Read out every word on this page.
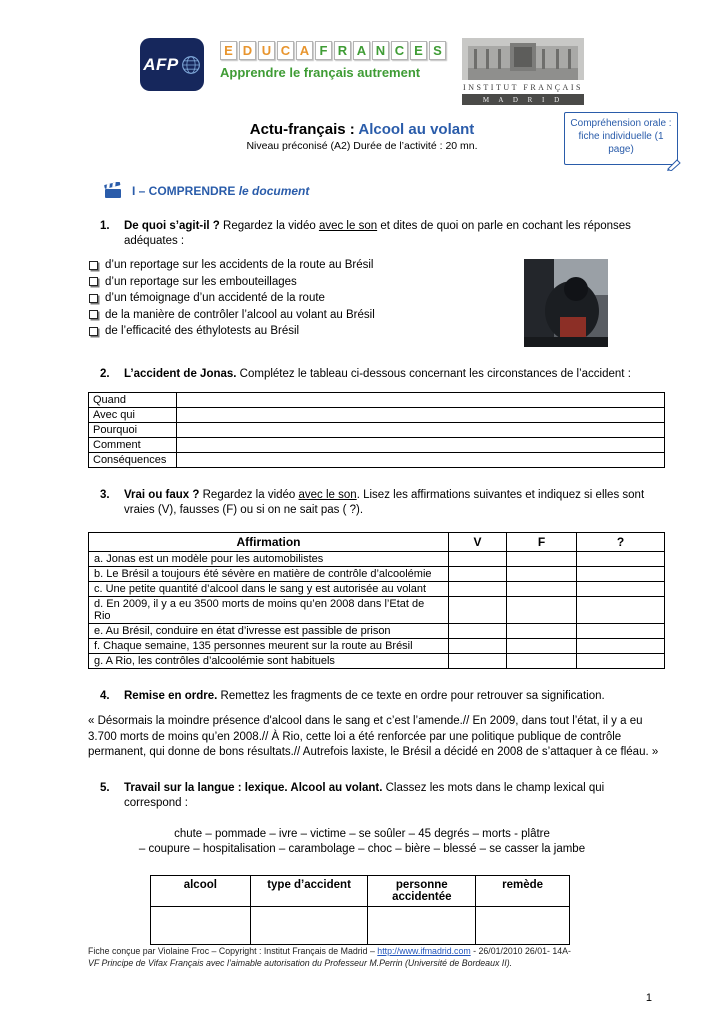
AFP
E D U C A F R A N C E S
Apprendre le français autrement
INSTITUT FRANÇAIS
M A D R I D
Actu-français : Alcool au volant
Niveau préconisé (A2) Durée de l’activité : 20 mn.
Compréhension orale : fiche individuelle (1 page)
I – COMPRENDRE le document
1.	De quoi s’agit-il ? Regardez la vidéo avec le son et dites de quoi on parle en cochant les réponses adéquates :
d’un reportage sur les accidents de la route au Brésil
d’un reportage sur les embouteillages
d’un témoignage d’un accidenté de la route
de la manière de contrôler l’alcool au volant au Brésil
de l’efficacité des éthylotests au Brésil
2.	L’accident de Jonas. Complétez le tableau ci-dessous concernant les circonstances de l’accident :
Quand	
Avec qui	
Pourquoi	
Comment	
Conséquences	
3.	Vrai ou faux ? Regardez la vidéo avec le son. Lisez les affirmations suivantes et indiquez si elles sont vraies (V), fausses (F) ou si on ne sait pas ( ?).
Affirmation	V	F	?
a. Jonas est un modèle pour les automobilistes			
b. Le Brésil a toujours été sévère en matière de contrôle d’alcoolémie			
c. Une petite quantité d’alcool dans le sang y est autorisée au volant			
d. En 2009, il y a eu 3500 morts de moins qu’en 2008 dans l’Etat de Rio			
e. Au Brésil, conduire en état d’ivresse est passible de prison			
f. Chaque semaine, 135 personnes meurent sur la route au Brésil			
g. A Rio, les contrôles d’alcoolémie sont habituels			
4.	Remise en ordre. Remettez les fragments de ce texte en ordre pour retrouver sa signification.
« Désormais la moindre présence d'alcool dans le sang et c’est l’amende.// En 2009, dans tout l’état, il y a eu 3.700 morts de moins qu’en 2008.// À Rio, cette loi a été renforcée par une politique publique de contrôle permanent, qui donne de bons résultats.// Autrefois laxiste, le Brésil a décidé en 2008 de s’attaquer à ce fléau. »
5.	Travail sur la langue : lexique. Alcool au volant. Classez les mots dans le champ lexical qui correspond :
chute – pommade – ivre – victime – se soûler – 45 degrés – morts - plâtre
– coupure – hospitalisation – carambolage – choc – bière – blessé – se casser la jambe
alcool	type d’accident	personne accidentée	remède

Fiche conçue par Violaine Froc – Copyright : Institut Français de Madrid – http://www.ifmadrid.com - 26/01/2010 26/01- 14A-
VF Principe de Vifax Français avec l’aimable autorisation du Professeur M.Perrin (Université de Bordeaux II).
1
